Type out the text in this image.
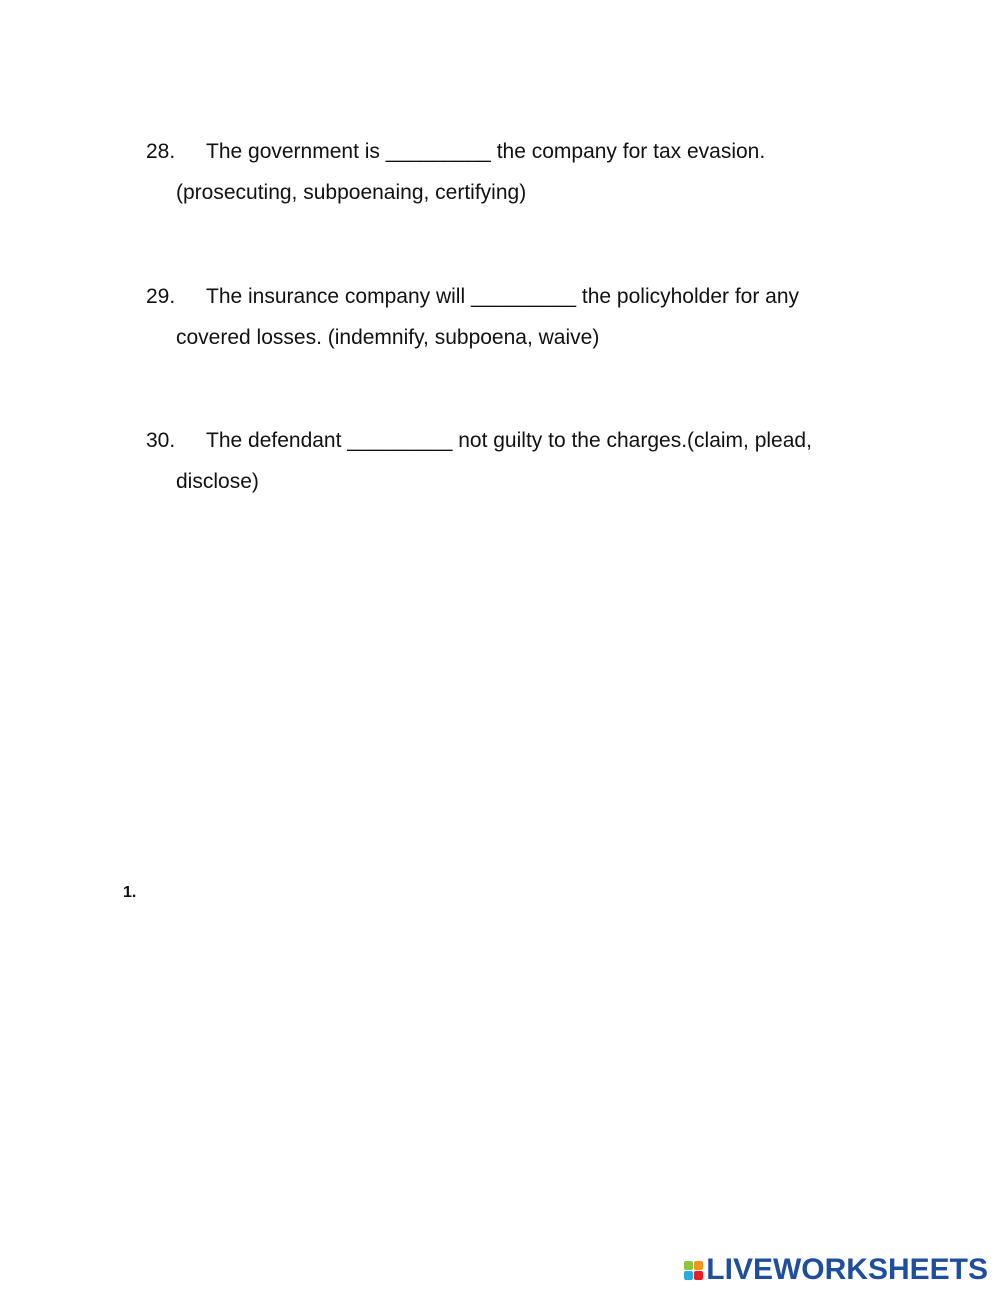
28. The government is _________ the company for tax evasion.
(prosecuting, subpoenaing, certifying)
29. The insurance company will _________ the policyholder for any
covered losses. (indemnify, subpoena, waive)
30. The defendant _________ not guilty to the charges.(claim, plead,
disclose)
1.
LIVEWORKSHEETS
